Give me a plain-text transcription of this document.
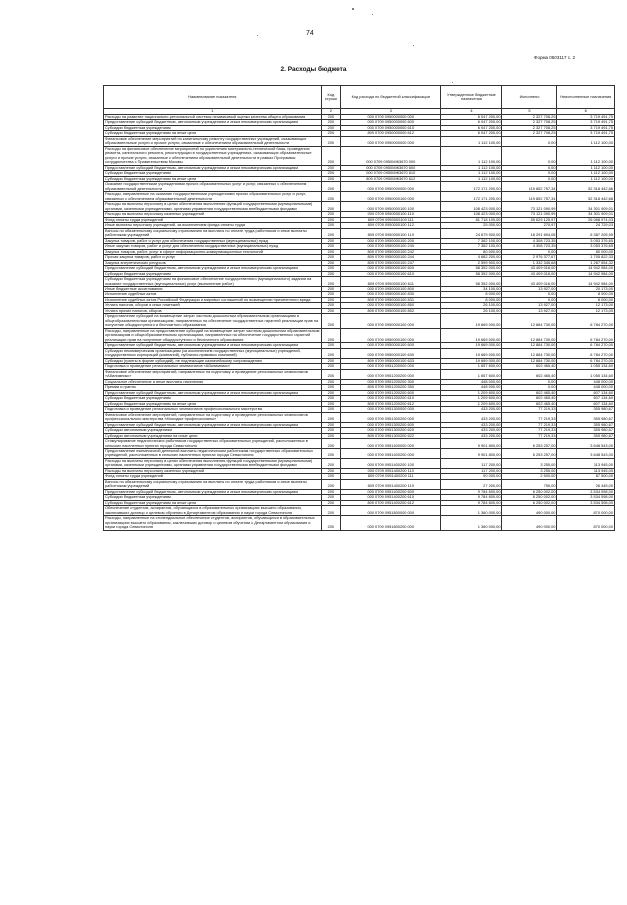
74
Форма 0503117 с. 2
2. Расходы бюджета
Наименование показателя	Код строки	Код расхода по бюджетной классификации	Утвержденные бюджетные назначения	Исполнено	Неисполненные назначения
1	2	3	4	5	6
Расходы на развитие национально-региональной системы независимой оценки качества общего образования	200	000 0709 0950000000 000	6 047 200,00	2 327 708,25	3 719 491,75
Предоставление субсидий бюджетным, автономным учреждениям и иным некоммерческим организациям	200	000 0709 0950000000 600	6 047 200,00	2 327 708,25	3 719 491,75
Субсидии бюджетным учреждениям	200	000 0709 0950000000 610	6 047 200,00	2 327 708,25	3 719 491,75
Субсидии бюджетным учреждениям на иные цели	200	809 0709 0950000000 612	6 047 200,00	2 327 708,25	3 719 491,75
Финансовое обеспечение мероприятий по капитальному ремонту государственных учреждений, оказывающих образовательные услуги и прочие услуги, связанные с обеспечением образовательной деятельности	200	000 0709 0950000000 000	1 112 100,00	0,00	1 112 100,00
Расходы на финансовое обеспечение мероприятий по укреплению материально-технической базы, проведению ремонта, капитального ремонта, реконструкции в государственных учреждениях, оказывающих образовательные услуги и прочие услуги, связанные с обеспечением образовательной деятельности в рамках Программы сотрудничества с Правительством Москвы	200	000 0709 0950МЖ3670 000	1 112 100,00	0,00	1 112 100,00
Предоставление субсидий бюджетным, автономным учреждениям и иным некоммерческим организациям	200	000 0709 0950МЖ3670 600	1 112 100,00	0,00	1 112 100,00
Субсидии бюджетным учреждениям	200	000 0709 0950МЖ3670 610	1 112 100,00	0,00	1 112 100,00
Субсидии бюджетным учреждениям на иные цели	200	809 0709 0950МЖ3670 612	1 112 100,00	0,00	1 112 100,00
Оказание государственными учреждениями прочих образовательных услуг и услуг, связанных с обеспечением образовательной деятельности	200	000 0709 0950000000 000	172 171 200,00	119 852 757,34	52 318 442,66
Расходы, направленные на оказание государственными учреждениями прочих образовательных услуг и услуг, связанных с обеспечением образовательной деятельности	200	000 0709 0950000100 000	172 171 200,00	119 852 757,34	52 318 442,66
Расходы на выплаты персоналу в целях обеспечения выполнения функций государственными (муниципальными) органами, казенными учреждениями, органами управления государственными внебюджетными фондами	200	000 0709 0950000100 100	108 423 000,00	73 121 090,99	34 301 909,01
Расходы на выплаты персоналу казенных учреждений	200	000 0709 0950000100 110	108 423 000,00	73 121 090,99	34 301 909,01
Фонд оплаты труда учреждений	200	809 0709 0950000100 111	81 718 100,00	55 629 125,97	26 088 974,03
Иные выплаты персоналу учреждений, за исключением фонда оплаты труда	200	809 0709 0950000100 112	25 000,00	270,97	24 729,03
Взносы по обязательному социальному страхованию на выплаты по оплате труда работников и иные выплаты работникам учреждений	200	809 0709 0950000100 119	24 679 900,00	18 291 694,05	6 387 205,95
Закупка товаров, работ и услуг для обеспечения государственных (муниципальных) нужд	200	000 0709 0950000100 200	7 362 100,00	4 308 723,35	3 053 376,65
Иные закупки товаров, работ и услуг для обеспечения государственных (муниципальных) нужд	200	000 0709 0950000100 240	7 362 100,00	4 308 723,35	3 053 376,65
Закупка товаров, работ, услуг в сфере информационно-коммуникационных технологий	200	809 0709 0950000100 242	80 000,00	0,00	80 000,00
Прочая закупка товаров, работ и услуг	200	809 0709 0950000100 244	4 682 200,00	2 976 377,67	1 705 822,33
Закупка энергетических ресурсов	200	809 0709 0950000100 247	2 599 900,00	1 332 345,68	1 267 554,32
Предоставление субсидий бюджетным, автономным учреждениям и иным некоммерческим организациям	200	000 0709 0950000100 600	58 352 000,00	43 409 016,00	14 942 984,00
Субсидии бюджетным учреждениям	200	000 0709 0950000100 610	58 352 000,00	43 409 016,00	14 942 984,00
Субсидии бюджетным учреждениям на финансовое обеспечение государственного (муниципального) задания на оказание государственных (муниципальных) услуг (выполнение работ)	200	809 0709 0950000100 611	58 352 000,00	43 409 016,00	14 942 984,00
Иные бюджетные ассигнования	200	000 0709 0950000100 800	34 100,00	13 927,00	20 173,00
Исполнение судебных актов	200	000 0709 0950000100 830	8 000,00	0,00	8 000,00
Исполнение судебных актов Российской Федерации и мировых соглашений по возмещению причиненного вреда	200	809 0709 0950000100 831	8 000,00	0,00	8 000,00
Уплата налогов, сборов и иных платежей	200	000 0709 0950000100 850	26 100,00	13 927,00	12 173,00
Уплата прочих налогов, сборов	200	809 0709 0950000100 852	26 100,00	13 927,00	12 173,00
Предоставление субсидий на возмещение затрат частным дошкольным образовательным организациям и общеобразовательным организациям, направленных на обеспечение государственных гарантий реализации прав на получение общедоступного и бесплатного образования	200	000 0709 0950000100 000	19 669 000,00	12 884 730,00	6 784 270,00
Расходы, направленные на предоставление субсидий на возмещение затрат частным дошкольным образовательным организациям и общеобразовательным организациям, направленных на обеспечение государственных гарантий реализации прав на получение общедоступного и бесплатного образования	200	000 0709 0950000100 000	19 669 000,00	12 884 730,00	6 784 270,00
Предоставление субсидий бюджетным, автономным учреждениям и иным некоммерческим организациям	200	000 0709 0950000100 600	19 669 000,00	12 884 730,00	6 784 270,00
Субсидии некоммерческим организациям (за исключением государственных (муниципальных) учреждений, государственных корпораций (компаний), публично-правовых компаний)	200	000 0709 0950000100 630	19 669 000,00	12 884 730,00	6 784 270,00
Субсидии (гранты в форме субсидий), не подлежащие казначейскому сопровождению	200	809 0709 0950000100 633	19 669 000,00	12 884 730,00	6 784 270,00
Подготовка и проведение региональных чемпионатов «Абилимпикс»	200	000 0709 0951200000 000	1 657 600,00	602 465,40	1 055 134,60
Финансовое обеспечение мероприятий, направленных на подготовку и проведение региональных чемпионатов «Абилимпикс»	200	000 0709 0951200200 000	1 657 600,00	602 465,40	1 055 134,60
Социальное обеспечение и иные выплаты населению	200	000 0709 0951200200 300	448 000,00	0,00	448 000,00
Премии и гранты	200	809 0709 0951200200 350	448 000,00	0,00	448 000,00
Предоставление субсидий бюджетным, автономным учреждениям и иным некоммерческим организациям	200	000 0709 0951200200 600	1 209 600,00	602 465,40	607 134,60
Субсидии бюджетным учреждениям	200	000 0709 0951200200 610	1 209 600,00	602 465,40	607 134,60
Субсидии бюджетным учреждениям на иные цели	200	809 0709 0951200200 612	1 209 600,00	602 465,40	607 134,60
Подготовка и проведение региональных чемпионатов профессионального мастерства	200	000 0709 0951300000 000	433 200,00	77 219,33	355 980,67
Финансовое обеспечение мероприятий, направленных на подготовку и проведение региональных чемпионатов профессионального мастерства «Молодые профессионалы»	200	000 0709 0951300200 000	433 200,00	77 219,33	355 980,67
Предоставление субсидий бюджетным, автономным учреждениям и иным некоммерческим организациям	200	000 0709 0951300200 600	433 200,00	77 219,33	355 980,67
Субсидии автономным учреждениям	200	000 0709 0951300200 620	433 200,00	77 219,33	355 980,67
Субсидии автономным учреждениям на иные цели	200	809 0709 0951300200 622	433 200,00	77 219,33	355 980,67
Стимулирование педагогических работников государственных образовательных учреждений, расположенных в сельских населенных пунктах города Севастополя	200	000 0709 0951400000 000	9 901 800,00	6 253 257,00	3 648 543,00
Предоставление ежемесячной денежной выплаты педагогическим работникам государственных образовательных учреждений, расположенных в сельских населенных пунктах города Севастополя	200	000 0709 0951400200 000	9 901 800,00	6 253 257,00	3 648 543,00
Расходы на выплаты персоналу в целях обеспечения выполнения функций государственными (муниципальными) органами, казенными учреждениями, органами управления государственными внебюджетными фондами	200	000 0709 0951400200 100	117 200,00	3 255,00	113 945,00
Расходы на выплаты персоналу казенных учреждений	200	000 0709 0951400200 110	117 200,00	3 255,00	113 945,00
Фонд оплаты труда учреждений	200	809 0709 0951400200 111	90 000,00	2 500,00	87 500,00
Взносы по обязательному социальному страхованию на выплаты по оплате труда работников и иные выплаты работникам учреждений	200	809 0709 0951400200 119	27 200,00	755,00	26 445,00
Предоставление субсидий бюджетным, автономным учреждениям и иным некоммерческим организациям	200	000 0709 0951400200 600	9 784 600,00	6 250 002,00	3 534 598,00
Субсидии бюджетным учреждениям	200	000 0709 0951400200 610	9 784 600,00	6 250 002,00	3 534 598,00
Субсидии бюджетным учреждениям на иные цели	200	809 0709 0951400200 612	9 784 600,00	6 250 002,00	3 534 598,00
Обеспечение студентов, аспирантов, обучающихся в образовательных организациях высшего образования, заключивших договор о целевом обучении в Департаментом образования и науки города Севастополя	200	000 0709 0951800000 000	1 360 000,00	490 000,00	870 000,00
Расходы, направленные на стипендиальное обеспечение студентов, аспирантов, обучающихся в образовательных организациях высшего образования, заключивших договор о целевом обучении с Департаментом образования и науки города Севастополя	200	000 0709 0951800200 000	1 360 000,00	490 000,00	870 000,00
